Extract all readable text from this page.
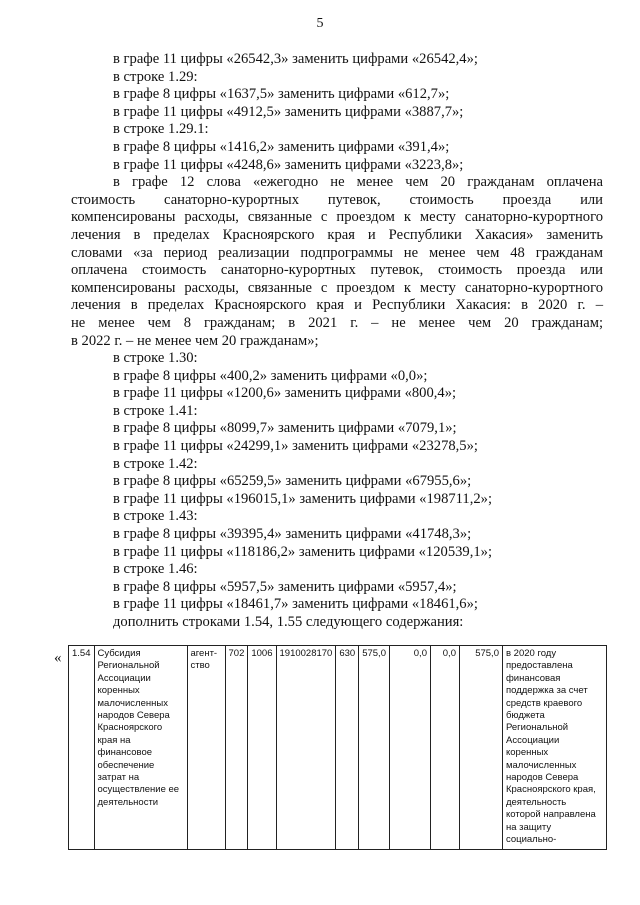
5
в графе 11 цифры «26542,3» заменить цифрами «26542,4»;
в строке 1.29:
в графе 8 цифры «1637,5» заменить цифрами «612,7»;
в графе 11 цифры «4912,5» заменить цифрами «3887,7»;
в строке 1.29.1:
в графе 8 цифры «1416,2» заменить цифрами «391,4»;
в графе 11 цифры «4248,6» заменить цифрами «3223,8»;
в графе 12 слова «ежегодно не менее чем 20 гражданам оплачена
стоимость санаторно-курортных путевок, стоимость проезда или
компенсированы расходы, связанные с проездом к месту санаторно-курортного
лечения в пределах Красноярского края и Республики Хакасия» заменить
словами «за период реализации подпрограммы не менее чем 48 гражданам
оплачена стоимость санаторно-курортных путевок, стоимость проезда или
компенсированы расходы, связанные с проездом к месту санаторно-курортного
лечения в пределах Красноярского края и Республики Хакасия: в 2020 г. –
не менее чем 8 гражданам; в 2021 г. – не менее чем 20 гражданам;
в 2022 г. – не менее чем 20 гражданам»;
в строке 1.30:
в графе 8 цифры «400,2» заменить цифрами «0,0»;
в графе 11 цифры «1200,6» заменить цифрами «800,4»;
в строке 1.41:
в графе 8 цифры «8099,7» заменить цифрами «7079,1»;
в графе 11 цифры «24299,1» заменить цифрами «23278,5»;
в строке 1.42:
в графе 8 цифры «65259,5» заменить цифрами «67955,6»;
в графе 11 цифры «196015,1» заменить цифрами «198711,2»;
в строке 1.43:
в графе 8 цифры «39395,4» заменить цифрами «41748,3»;
в графе 11 цифры «118186,2» заменить цифрами «120539,1»;
в строке 1.46:
в графе 8 цифры «5957,5» заменить цифрами «5957,4»;
в графе 11 цифры «18461,7» заменить цифрами «18461,6»;
дополнить строками 1.54, 1.55 следующего содержания:
« 1.54	Субсидия Региональной Ассоциации коренных малочисленных народов Севера Красноярского края на финансовое обеспечение затрат на осуществление ее деятельности	агент-ство	702	1006	1910028170	630	575,0	0,0	0,0	575,0	в 2020 году предоставлена финансовая поддержка за счет средств краевого бюджета Региональной Ассоциации коренных малочисленных народов Севера Красноярского края, деятельность которой направлена на защиту социально-
